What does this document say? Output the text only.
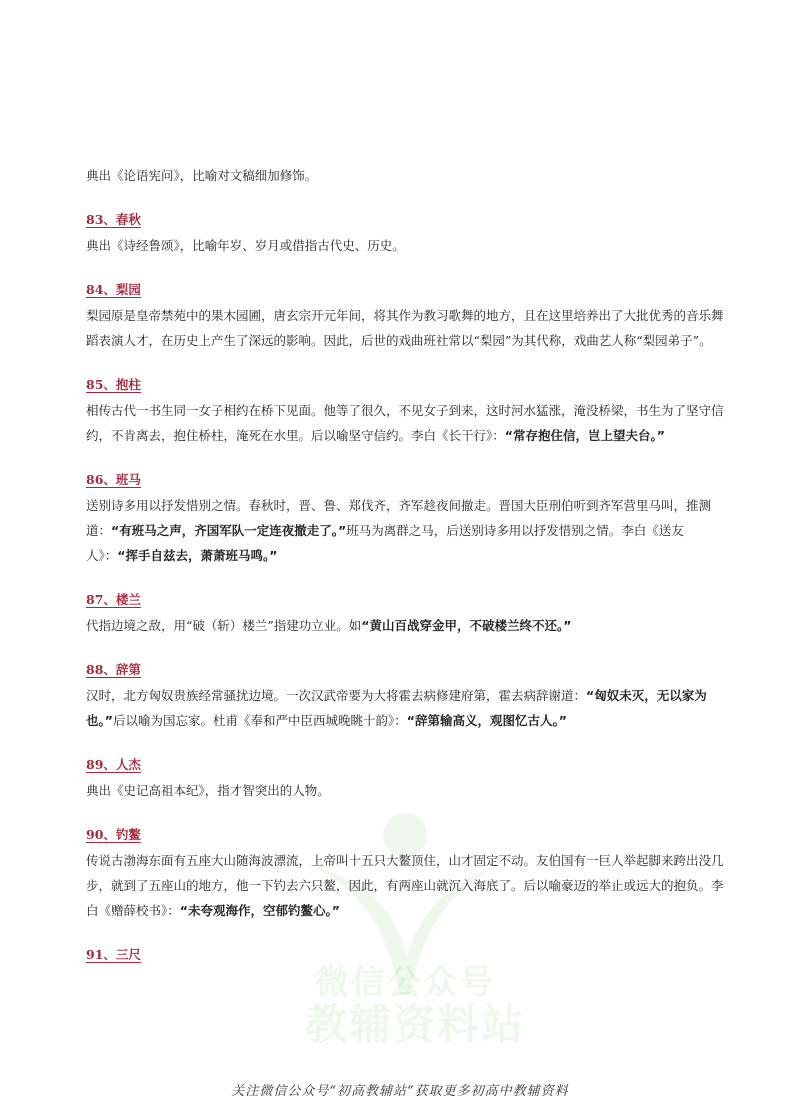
微信公众号
教辅资料站

典出《论语宪问》，比喻对文稿细加修饰。

83、春秋

典出《诗经鲁颂》，比喻年岁、岁月或借指古代史、历史。

84、梨园

梨园原是皇帝禁苑中的果木园圃，唐玄宗开元年间，将其作为教习歌舞的地方，且在这里培养出了大批优秀的音乐舞蹈表演人才，在历史上产生了深远的影响。因此，后世的戏曲班社常以“梨园”为其代称，戏曲艺人称“梨园弟子”。

85、抱柱

相传古代一书生同一女子相约在桥下见面。他等了很久，不见女子到来，这时河水猛涨，淹没桥梁，书生为了坚守信约，不肯离去，抱住桥柱，淹死在水里。后以喻坚守信约。李白《长干行》：“常存抱住信，岂上望夫台。”

86、班马

送别诗多用以抒发惜别之情。春秋时，晋、鲁、郑伐齐，齐军趁夜间撤走。晋国大臣刑伯听到齐军营里马叫，推测道：“有班马之声，齐国军队一定连夜撤走了。”班马为离群之马，后送别诗多用以抒发惜别之情。李白《送友人》：“挥手自兹去，萧萧班马鸣。”

87、楼兰

代指边境之敌，用“破（斩）楼兰”指建功立业。如“黄山百战穿金甲，不破楼兰终不还。”

88、辞第

汉时，北方匈奴贵族经常骚扰边境。一次汉武帝要为大将霍去病修建府第，霍去病辞谢道：“匈奴未灭，无以家为也。”后以喻为国忘家。杜甫《奉和严中臣西城晚眺十韵》：“辞第输高义，观图忆古人。”

89、人杰

典出《史记高祖本纪》，指才智突出的人物。

90、钓鳌

传说古渤海东面有五座大山随海波漂流，上帝叫十五只大鳌顶住，山才固定不动。友伯国有一巨人举起脚来跨出没几步，就到了五座山的地方，他一下钓去六只鳌，因此，有两座山就沉入海底了。后以喻豪迈的举止或远大的抱负。李白《赠薛校书》：“未夸观海作，空郁钓鳌心。”

91、三尺
关注微信公众号“初高教辅站”获取更多初高中教辅资料
